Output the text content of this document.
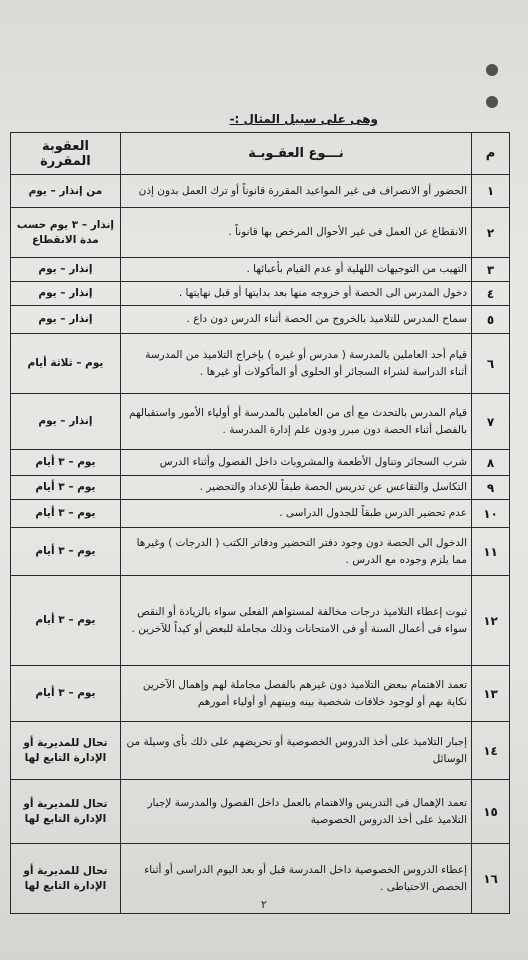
وهى على سبيل المثال :-
م	نـــوع العقـوبـة	العقوبة المقررة
١	الحضور أو الانصراف فى غير المواعيد المقررة قانوناً أو ترك العمل بدون إذن	من إنذار – يوم
٢	الانقطاع عن العمل فى غير الأحوال المرخص بها قانوناً .	إنذار – ٣ يوم حسب مدة الانقطاع
٣	التهيب من التوجيهات اللهلية أو عدم القيام بأعبائها .	إنذار – يوم
٤	دخول المدرس الى الحصة أو خروجه منها بعد بدايتها أو قبل نهايتها .	إنذار – يوم
٥	سماح المدرس للتلاميذ بالخروج من الحصة أثناء الدرس دون داع .	إنذار – يوم
٦	قيام أحد العاملين بالمدرسة ( مدرس أو غيره ) بإخراج التلاميذ من المدرسة أثناء الدراسة لشراء السجائر أو الحلوى أو المأكولات أو غيرها .	يوم – ثلاثة أيام
٧	قيام المدرس بالتحدث مع أى من العاملين بالمدرسة أو أولياء الأمور واستقبالهم بالفصل أثناء الحصة دون مبرر ودون علم إدارة المدرسة .	إنذار – يوم
٨	شرب السجائر وتناول الأطعمة والمشروبات داخل الفصول وأثناء الدرس	يوم – ٣ أيام
٩	التكاسل والتقاعس عن تدريس الحصة طبقاً للإعداد والتحضير .	يوم – ٣ أيام
١٠	عدم تحضير الدرس طبقاً للجدول الدراسى .	يوم – ٣ أيام
١١	الدخول الى الحصة دون وجود دفتر التحضير ودفاتر الكتب ( الدرجات ) وغيرها مما يلزم وجوده مع الدرس .	يوم – ٣ أيام
١٢	ثبوت إعطاء التلاميذ درجات مخالفة لمستواهم الفعلى سواء بالزيادة أو النقص سواء فى أعمال السنة أو فى الامتحانات وذلك مجاملة للبعض أو كيداً للآخرين .	يوم – ٣ أيام
١٣	تعمد الاهتمام ببعض التلاميذ دون غيرهم بالفصل مجاملة لهم وإهمال الآخرين نكاية بهم أو لوجود خلافات شخصية بينه وبينهم أو أولياء أمورهم	يوم – ٣ أيام
١٤	إجبار التلاميذ على أخذ الدروس الخصوصية أو تحريضهم على ذلك بأى وسيلة من الوسائل	تحال للمديرية أو الإدارة التابع لها
١٥	تعمد الإهمال فى التدريس والاهتمام بالعمل داخل الفصول والمدرسة لإجبار التلاميذ على أخذ الدروس الخصوصية	تحال للمديرية أو الإدارة التابع لها
١٦	إعطاء الدروس الخصوصية داخل المدرسة قبل أو بعد اليوم الدراسى أو أثناء الحصص الاحتياطى .	تحال للمديرية أو الإدارة التابع لها
٢
